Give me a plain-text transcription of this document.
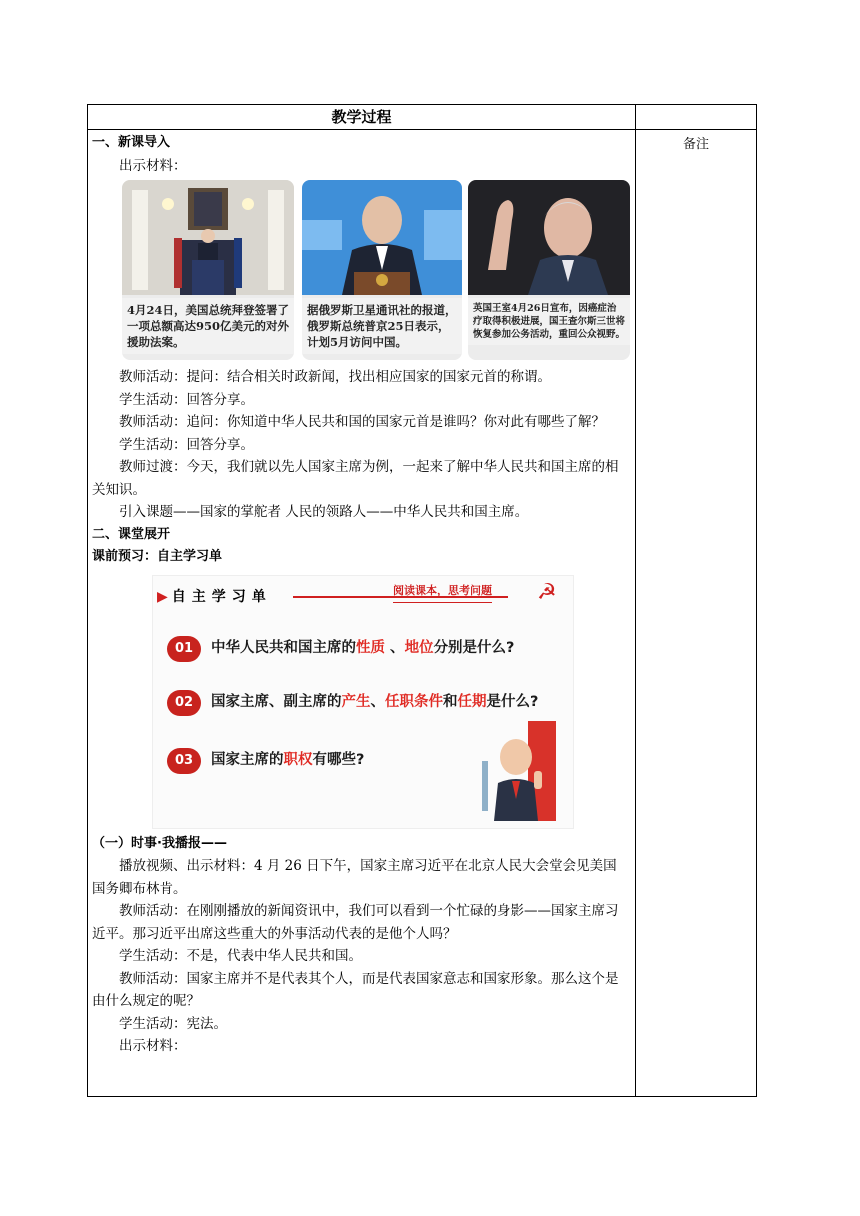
教学过程
备注

一、新课导入

出示材料：

4月24日，美国总统拜登签署了一项总额高达950亿美元的对外援助法案。
据俄罗斯卫星通讯社的报道，俄罗斯总统普京25日表示，计划5月访问中国。
英国王室4月26日宣布，因癌症治疗取得积极进展，国王查尔斯三世将恢复参加公务活动，重回公众视野。

教师活动：提问：结合相关时政新闻，找出相应国家的国家元首的称谓。

学生活动：回答分享。

教师活动：追问：你知道中华人民共和国的国家元首是谁吗？你对此有哪些了解？

学生活动：回答分享。

教师过渡：今天，我们就以先人国家主席为例，一起来了解中华人民共和国主席的相关知识。

引入课题——国家的掌舵者 人民的领路人——中华人民共和国主席。

二、课堂展开

课前预习：自主学习单

▶ 自主学习单	阅读课本，思考问题 ☭
01	中华人民共和国主席的性质 、地位分别是什么?
02	国家主席、副主席的产生、任职条件和任期是什么?
03	国家主席的职权有哪些?

（一）时事·我播报——

播放视频、出示材料：4 月 26 日下午，国家主席习近平在北京人民大会堂会见美国国务卿布林肯。

教师活动：在刚刚播放的新闻资讯中，我们可以看到一个忙碌的身影——国家主席习近平。那习近平出席这些重大的外事活动代表的是他个人吗？

学生活动：不是，代表中华人民共和国。

教师活动：国家主席并不是代表其个人，而是代表国家意志和国家形象。那么这个是由什么规定的呢？

学生活动：宪法。

出示材料：
